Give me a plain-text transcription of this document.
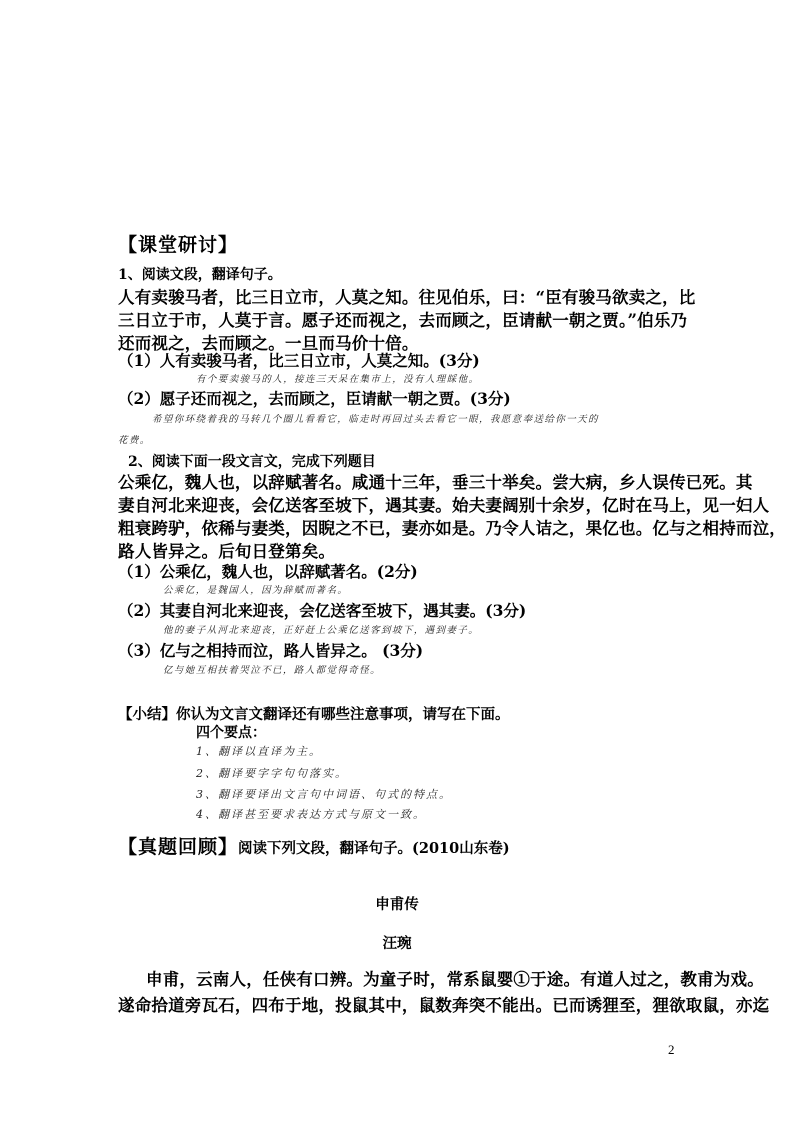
【课堂研讨】
1、阅读文段，翻译句子。
人有卖骏马者，比三日立市，人莫之知。往见伯乐，曰：“臣有骏马欲卖之，比
三日立于市，人莫于言。愿子还而视之，去而顾之，臣请献一朝之贾。”伯乐乃
还而视之，去而顾之。一旦而马价十倍。
（1）人有卖骏马者，比三日立市，人莫之知。(3分)
有个要卖骏马的人，接连三天呆在集市上，没有人理睬他。
（2）愿子还而视之，去而顾之，臣请献一朝之贾。(3分)
希望你环绕着我的马转几个圈儿看看它，临走时再回过头去看它一眼，我愿意奉送给你一天的
花费。
2、阅读下面一段文言文，完成下列题目
公乘亿，魏人也，以辞赋著名。咸通十三年，垂三十举矣。尝大病，乡人误传已死。其
妻自河北来迎丧，会亿送客至坡下，遇其妻。始夫妻阔别十余岁，亿时在马上，见一妇人
粗衰跨驴，依稀与妻类，因睨之不已，妻亦如是。乃令人诘之，果亿也。亿与之相持而泣，
路人皆异之。后旬日登第矣。
（1）公乘亿，魏人也，以辞赋著名。(2分)
公乘亿，是魏国人，因为辞赋而著名。
（2）其妻自河北来迎丧，会亿送客至坡下，遇其妻。(3分)
他的妻子从河北来迎丧，正好赶上公乘亿送客到坡下，遇到妻子。
（3）亿与之相持而泣，路人皆异之。 (3分)
亿与她互相扶着哭泣不已，路人都觉得奇怪。
【小结】你认为文言文翻译还有哪些注意事项，请写在下面。
四个要点：
1、翻译以直译为主。
2、翻译要字字句句落实。
3、翻译要译出文言句中词语、句式的特点。
4、翻译甚至要求表达方式与原文一致。
【真题回顾】阅读下列文段，翻译句子。(2010山东卷)
申甫传
汪琬
申甫，云南人，任侠有口辨。为童子时，常系鼠婴①于途。有道人过之，教甫为戏。
遂命拾道旁瓦石，四布于地，投鼠其中，鼠数奔突不能出。已而诱狸至，狸欲取鼠，亦迄
2
